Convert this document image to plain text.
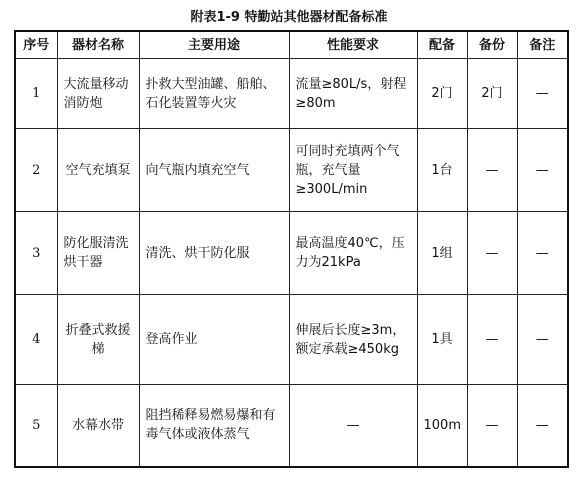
附表1-9 特勤站其他器材配备标准
序号	器材名称	主要用途	性能要求	配备	备份	备注
1	大流量移动消防炮	扑救大型油罐、船舶、石化装置等火灾	流量≥80L/s，射程≥80m	2门	2门	—
2	空气充填泵	向气瓶内填充空气	可同时充填两个气瓶，充气量≥300L/min	1台	—	—
3	防化服清洗烘干器	清洗、烘干防化服	最高温度40℃，压力为21kPa	1组	—	—
4	折叠式救援梯	登高作业	伸展后长度≥3m，额定承载≥450kg	1具	—	—
5	水幕水带	阻挡稀释易燃易爆和有毒气体或液体蒸气	—	100m	—	—
